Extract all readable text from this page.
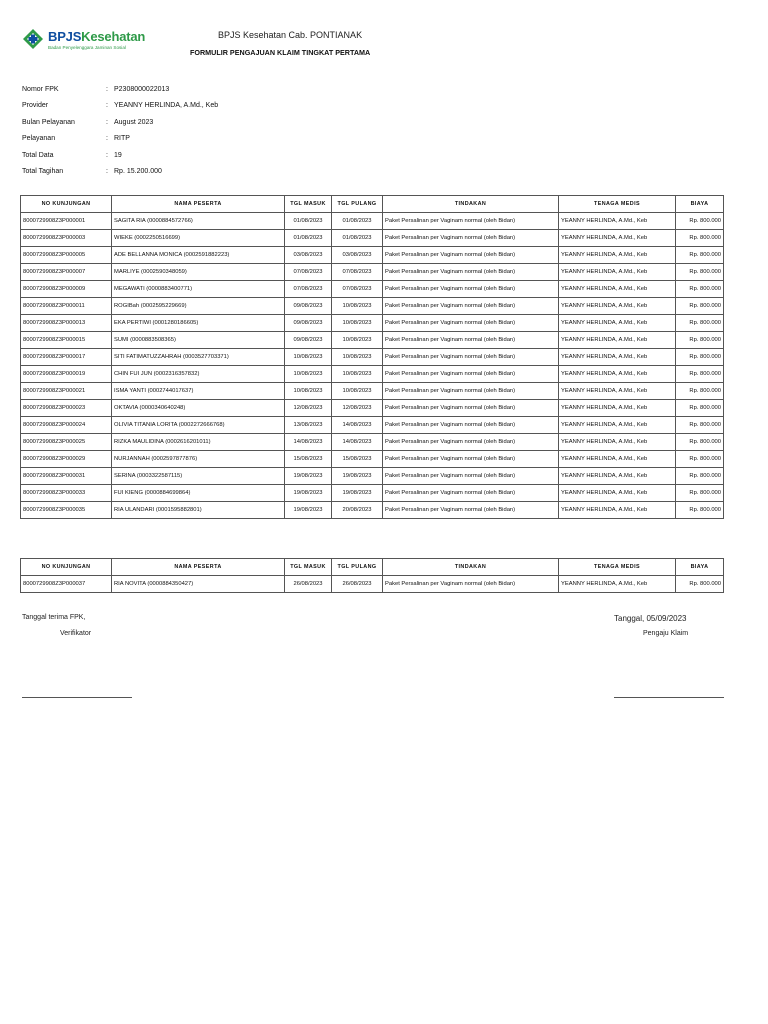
BPJSKesehatan
Badan Penyelenggara Jaminan Sosial
BPJS Kesehatan Cab. PONTIANAK
FORMULIR PENGAJUAN KLAIM TINGKAT PERTAMA
Nomor FPK	: P2308000022013
Provider	: YEANNY HERLINDA, A.Md., Keb
Bulan Pelayanan	: August 2023
Pelayanan	: RITP
Total Data	: 19
Total Tagihan	: Rp. 15.200.000
NO KUNJUNGAN	NAMA PESERTA	TGL MASUK	TGL PULANG	TINDAKAN	TENAGA MEDIS	BIAYA
8000729908Z3P000001	SAGITA RIA (0000884572766)	01/08/2023	01/08/2023	Paket Persalinan per Vaginam normal (oleh Bidan)	YEANNY HERLINDA, A.Md., Keb	Rp. 800.000
8000729908Z3P000003	WIEKE (0002250516699)	01/08/2023	01/08/2023	Paket Persalinan per Vaginam normal (oleh Bidan)	YEANNY HERLINDA, A.Md., Keb	Rp. 800.000
8000729908Z3P000005	ADE BELLANNA MONICA (0002591882223)	03/08/2023	03/08/2023	Paket Persalinan per Vaginam normal (oleh Bidan)	YEANNY HERLINDA, A.Md., Keb	Rp. 800.000
8000729908Z3P000007	MARLIYE (0002590348059)	07/08/2023	07/08/2023	Paket Persalinan per Vaginam normal (oleh Bidan)	YEANNY HERLINDA, A.Md., Keb	Rp. 800.000
8000729908Z3P000009	MEGAWATI (0000883400771)	07/08/2023	07/08/2023	Paket Persalinan per Vaginam normal (oleh Bidan)	YEANNY HERLINDA, A.Md., Keb	Rp. 800.000
8000729908Z3P000011	ROGIBah (0002595229669)	09/08/2023	10/08/2023	Paket Persalinan per Vaginam normal (oleh Bidan)	YEANNY HERLINDA, A.Md., Keb	Rp. 800.000
8000729908Z3P000013	EKA PERTIWI (0001280186605)	09/08/2023	10/08/2023	Paket Persalinan per Vaginam normal (oleh Bidan)	YEANNY HERLINDA, A.Md., Keb	Rp. 800.000
8000729908Z3P000015	SUMI (0000883508365)	09/08/2023	10/08/2023	Paket Persalinan per Vaginam normal (oleh Bidan)	YEANNY HERLINDA, A.Md., Keb	Rp. 800.000
8000729908Z3P000017	SITI FATIMATUZZAHRAH (0003527703371)	10/08/2023	10/08/2023	Paket Persalinan per Vaginam normal (oleh Bidan)	YEANNY HERLINDA, A.Md., Keb	Rp. 800.000
8000729908Z3P000019	CHIN FUI JUN (0002316357832)	10/08/2023	10/08/2023	Paket Persalinan per Vaginam normal (oleh Bidan)	YEANNY HERLINDA, A.Md., Keb	Rp. 800.000
8000729908Z3P000021	ISMA YANTI (0002744017637)	10/08/2023	10/08/2023	Paket Persalinan per Vaginam normal (oleh Bidan)	YEANNY HERLINDA, A.Md., Keb	Rp. 800.000
8000729908Z3P000023	OKTAVIA (0000340640248)	12/08/2023	12/08/2023	Paket Persalinan per Vaginam normal (oleh Bidan)	YEANNY HERLINDA, A.Md., Keb	Rp. 800.000
8000729908Z3P000024	OLIVIA TITANIA LORITA (0002272666768)	13/08/2023	14/08/2023	Paket Persalinan per Vaginam normal (oleh Bidan)	YEANNY HERLINDA, A.Md., Keb	Rp. 800.000
8000729908Z3P000025	RIZKA MAULIDINA (0002616201011)	14/08/2023	14/08/2023	Paket Persalinan per Vaginam normal (oleh Bidan)	YEANNY HERLINDA, A.Md., Keb	Rp. 800.000
8000729908Z3P000029	NURJANNAH (0002597877876)	15/08/2023	15/08/2023	Paket Persalinan per Vaginam normal (oleh Bidan)	YEANNY HERLINDA, A.Md., Keb	Rp. 800.000
8000729908Z3P000031	SERINA (0003322587115)	19/08/2023	19/08/2023	Paket Persalinan per Vaginam normal (oleh Bidan)	YEANNY HERLINDA, A.Md., Keb	Rp. 800.000
8000729908Z3P000033	FUI KIENG (0000884699864)	19/08/2023	19/08/2023	Paket Persalinan per Vaginam normal (oleh Bidan)	YEANNY HERLINDA, A.Md., Keb	Rp. 800.000
8000729908Z3P000035	RIA ULANDARI (0001595882801)	19/08/2023	20/08/2023	Paket Persalinan per Vaginam normal (oleh Bidan)	YEANNY HERLINDA, A.Md., Keb	Rp. 800.000
NO KUNJUNGAN	NAMA PESERTA	TGL MASUK	TGL PULANG	TINDAKAN	TENAGA MEDIS	BIAYA
8000729908Z3P000037	RIA NOVITA (0000884350427)	26/08/2023	26/08/2023	Paket Persalinan per Vaginam normal (oleh Bidan)	YEANNY HERLINDA, A.Md., Keb	Rp. 800.000
Tanggal terima FPK,
Verifikator
Tanggal, 05/09/2023
Pengaju Klaim
